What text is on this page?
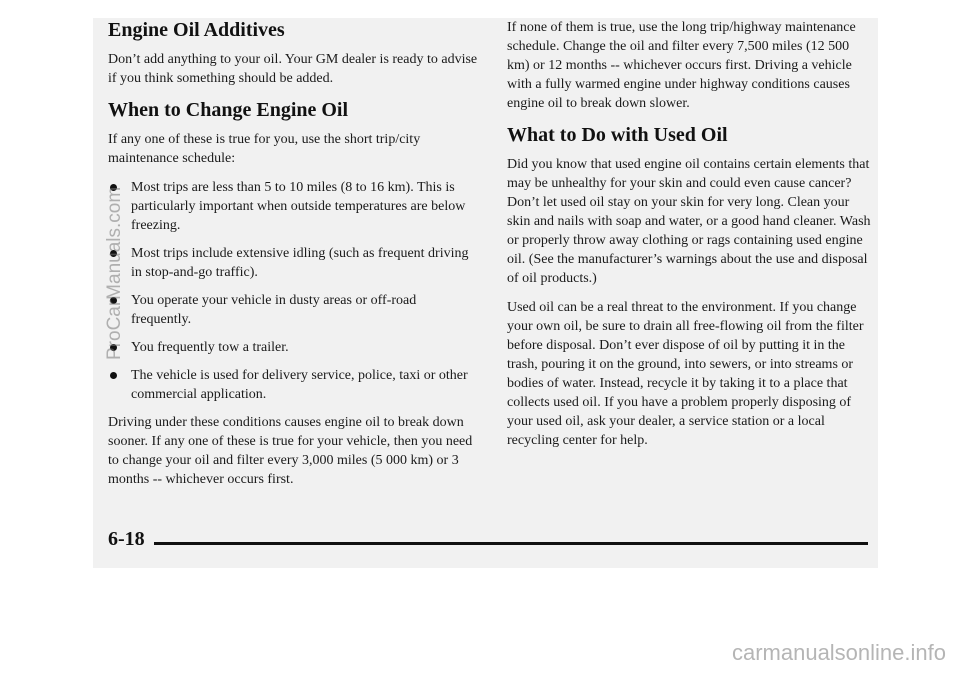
Engine Oil Additives

Don’t add anything to your oil. Your GM dealer is ready to advise if you think something should be added.

When to Change Engine Oil

If any one of these is true for you, use the short trip/city maintenance schedule:

Most trips are less than 5 to 10 miles (8 to 16 km). This is particularly important when outside temperatures are below freezing.
Most trips include extensive idling (such as frequent driving in stop-and-go traffic).
You operate your vehicle in dusty areas or off-road frequently.
You frequently tow a trailer.
The vehicle is used for delivery service, police, taxi or other commercial application.

Driving under these conditions causes engine oil to break down sooner. If any one of these is true for your vehicle, then you need to change your oil and filter every 3,000 miles (5 000 km) or 3 months -- whichever occurs first.

If none of them is true, use the long trip/highway maintenance schedule. Change the oil and filter every 7,500 miles (12 500 km) or 12 months -- whichever occurs first. Driving a vehicle with a fully warmed engine under highway conditions causes engine oil to break down slower.

What to Do with Used Oil

Did you know that used engine oil contains certain elements that may be unhealthy for your skin and could even cause cancer? Don’t let used oil stay on your skin for very long. Clean your skin and nails with soap and water, or a good hand cleaner. Wash or properly throw away clothing or rags containing used engine oil. (See the manufacturer’s warnings about the use and disposal of oil products.)

Used oil can be a real threat to the environment. If you change your own oil, be sure to drain all free-flowing oil from the filter before disposal. Don’t ever dispose of oil by putting it in the trash, pouring it on the ground, into sewers, or into streams or bodies of water. Instead, recycle it by taking it to a place that collects used oil. If you have a problem properly disposing of your used oil, ask your dealer, a service station or a local recycling center for help.

6-18
ProCarManuals.com
carmanualsonline.info
